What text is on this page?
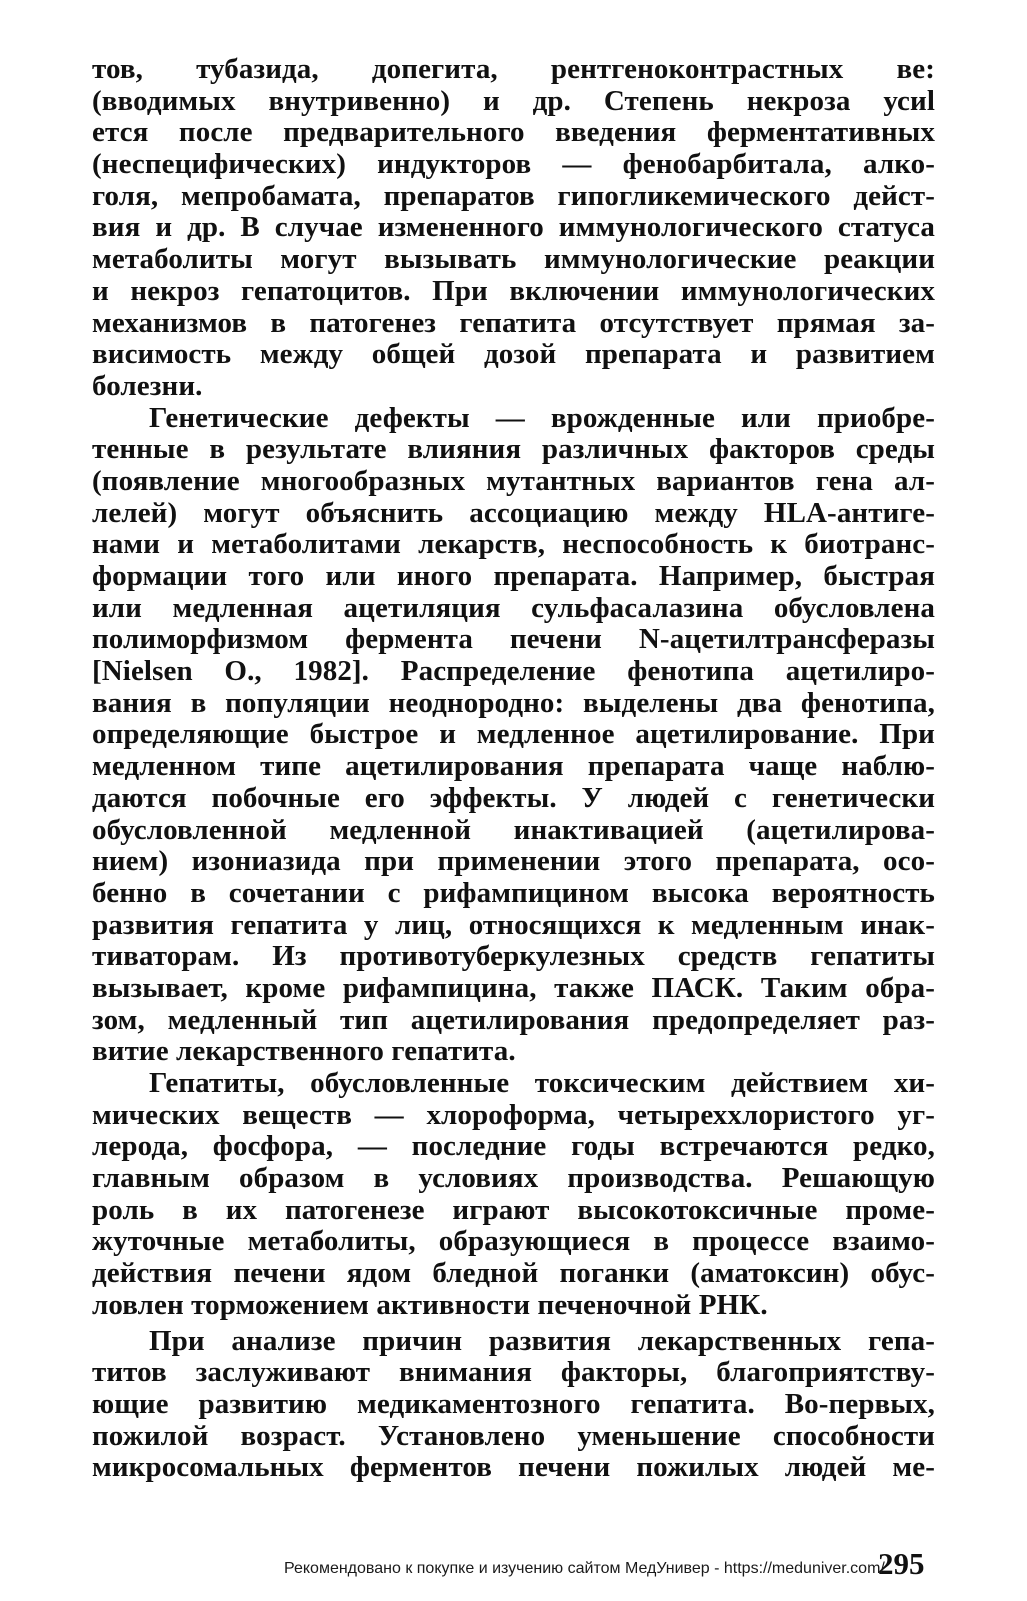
тов, тубазида, допегита, рентгеноконтрастных ве:
(вводимых внутривенно) и др. Степень некроза усиl
ется после предварительного введения ферментативных
(неспецифических) индукторов — фенобарбитала, алко-
голя, мепробамата, препаратов гипогликемического дейст-
вия и др. В случае измененного иммунологического статуса
метаболиты могут вызывать иммунологические реакции
и некроз гепатоцитов. При включении иммунологических
механизмов в патогенез гепатита отсутствует прямая за-
висимость между общей дозой препарата и развитием
болезни.
Генетические дефекты — врожденные или приобре-
тенные в результате влияния различных факторов среды
(появление многообразных мутантных вариантов гена ал-
лелей) могут объяснить ассоциацию между HLA-антиге-
нами и метаболитами лекарств, неспособность к биотранс-
формации того или иного препарата. Например, быстрая
или медленная ацетиляция сульфасалазина обусловлена
полиморфизмом фермента печени N-ацетилтрансферазы
[Nielsen O., 1982]. Распределение фенотипа ацетилиро-
вания в популяции неоднородно: выделены два фенотипа,
определяющие быстрое и медленное ацетилирование. При
медленном типе ацетилирования препарата чаще наблю-
даются побочные его эффекты. У людей с генетически
обусловленной медленной инактивацией (ацетилирова-
нием) изониазида при применении этого препарата, осо-
бенно в сочетании с рифампицином высока вероятность
развития гепатита у лиц, относящихся к медленным инак-
тиваторам. Из противотуберкулезных средств гепатиты
вызывает, кроме рифампицина, также ПАСК. Таким обра-
зом, медленный тип ацетилирования предопределяет раз-
витие лекарственного гепатита.
Гепатиты, обусловленные токсическим действием хи-
мических веществ — хлороформа, четыреххлористого уг-
лерода, фосфора, — последние годы встречаются редко,
главным образом в условиях производства. Решающую
роль в их патогенезе играют высокотоксичные проме-
жуточные метаболиты, образующиеся в процессе взаимо-
действия печени ядом бледной поганки (аматоксин) обус-
ловлен торможением активности печеночной РНК.
При анализе причин развития лекарственных гепа-
титов заслуживают внимания факторы, благоприятству-
ющие развитию медикаментозного гепатита. Во-первых,
пожилой возраст. Установлено уменьшение способности
микросомальных ферментов печени пожилых людей ме-
295
Рекомендовано к покупке и изучению сайтом МедУнивер - https://meduniver.com/
